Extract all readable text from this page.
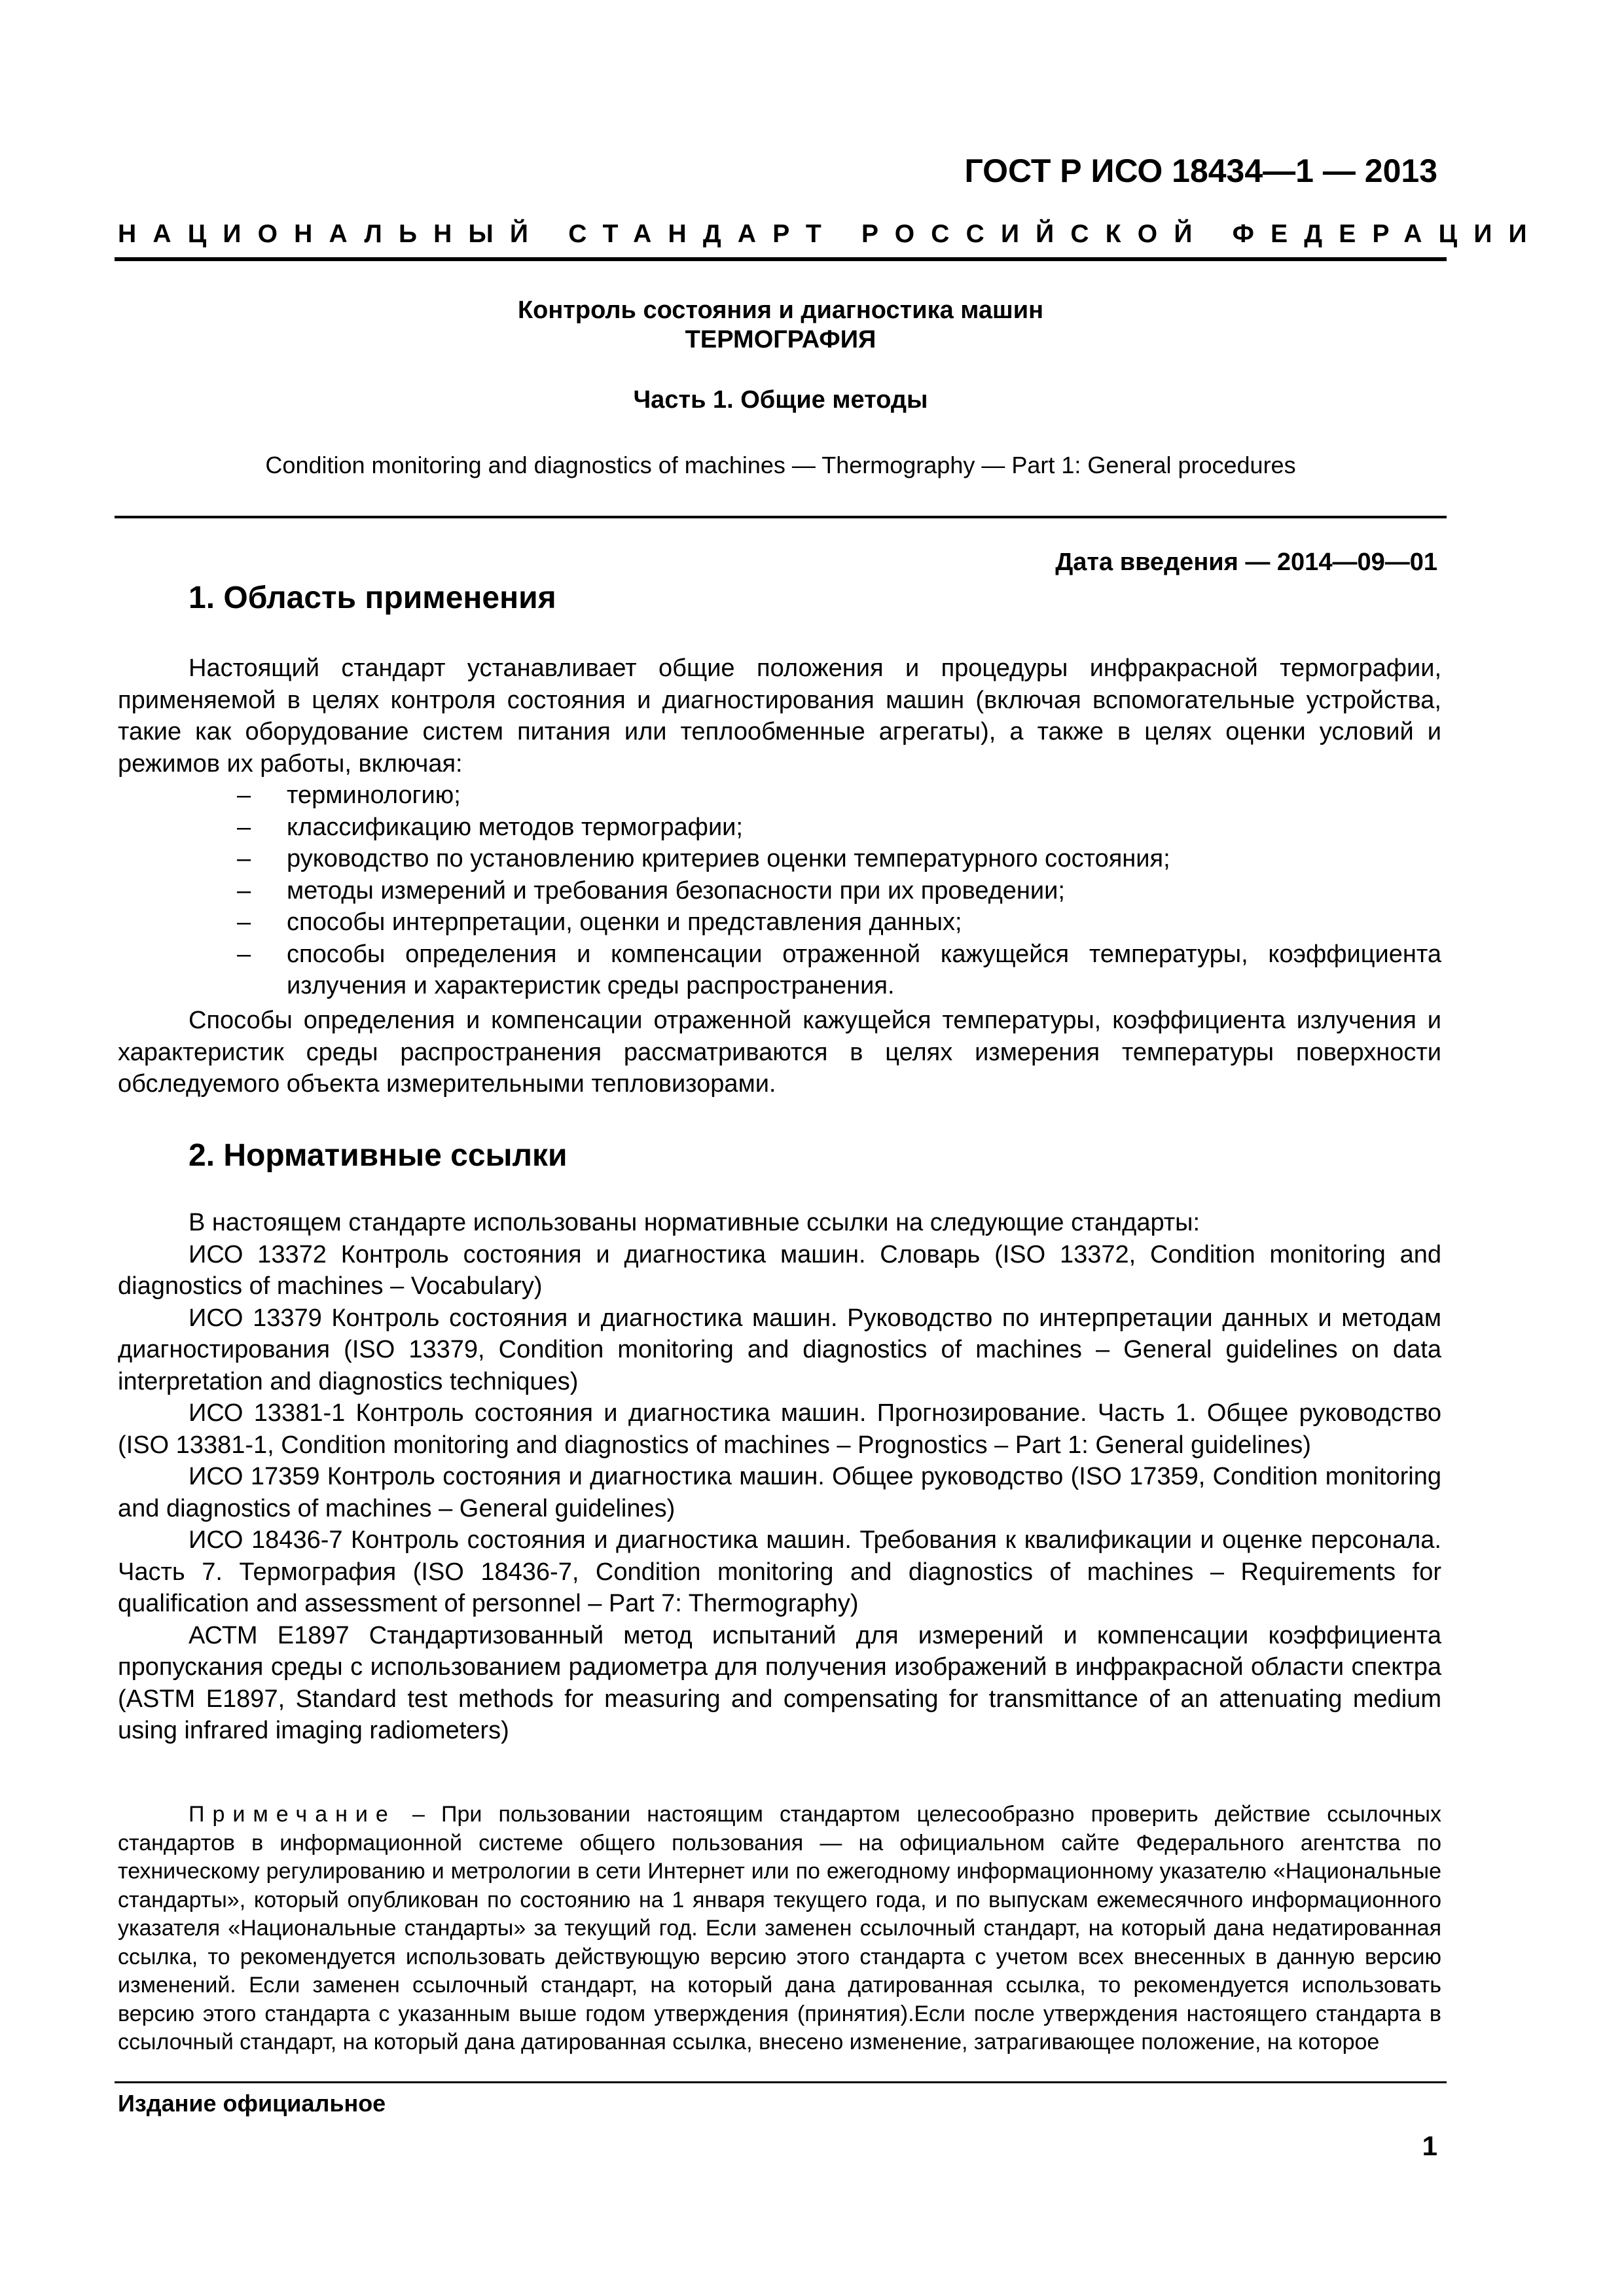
ГОСТ Р ИСО 18434—1 — 2013
НАЦИОНАЛЬНЫЙ СТАНДАРТ РОССИЙСКОЙ ФЕДЕРАЦИИ
Контроль состояния и диагностика машин
ТЕРМОГРАФИЯ
Часть 1. Общие методы
Condition monitoring and diagnostics of machines — Thermography — Part 1: General procedures
Дата введения — 2014—09—01
1. Область применения
Настоящий стандарт устанавливает общие положения и процедуры инфракрасной термографии, применяемой в целях контроля состояния и диагностирования машин (включая вспомогательные устройства, такие как оборудование систем питания или теплообменные агрегаты), а также в целях оценки условий и режимов их работы, включая:
– терминологию;
– классификацию методов термографии;
– руководство по установлению критериев оценки температурного состояния;
– методы измерений и требования безопасности при их проведении;
– способы интерпретации, оценки и представления данных;
– способы определения и компенсации отраженной кажущейся температуры, коэффициента излучения и характеристик среды распространения.
Способы определения и компенсации отраженной кажущейся температуры, коэффициента излучения и характеристик среды распространения рассматриваются в целях измерения температуры поверхности обследуемого объекта измерительными тепловизорами.
2. Нормативные ссылки
В настоящем стандарте использованы нормативные ссылки на следующие стандарты:
ИСО 13372 Контроль состояния и диагностика машин. Словарь (ISO 13372, Condition monitoring and diagnostics of machines – Vocabulary)
ИСО 13379 Контроль состояния и диагностика машин. Руководство по интерпретации данных и методам диагностирования (ISO 13379, Condition monitoring and diagnostics of machines – General guidelines on data interpretation and diagnostics techniques)
ИСО 13381-1 Контроль состояния и диагностика машин. Прогнозирование. Часть 1. Общее руководство (ISO 13381-1, Condition monitoring and diagnostics of machines – Prognostics – Part 1: General guidelines)
ИСО 17359 Контроль состояния и диагностика машин. Общее руководство (ISO 17359, Condition monitoring and diagnostics of machines – General guidelines)
ИСО 18436-7 Контроль состояния и диагностика машин. Требования к квалификации и оценке персонала. Часть 7. Термография (ISO 18436-7, Condition monitoring and diagnostics of machines – Requirements for qualification and assessment of personnel – Part 7: Thermography)
АСТМ Е1897 Стандартизованный метод испытаний для измерений и компенсации коэффициента пропускания среды с использованием радиометра для получения изображений в инфракрасной области спектра (ASTM E1897, Standard test methods for measuring and compensating for transmittance of an attenuating medium using infrared imaging radiometers)
Примечание – При пользовании настоящим стандартом целесообразно проверить действие ссылочных стандартов в информационной системе общего пользования — на официальном сайте Федерального агентства по техническому регулированию и метрологии в сети Интернет или по ежегодному информационному указателю «Национальные стандарты», который опубликован по состоянию на 1 января текущего года, и по выпускам ежемесячного информационного указателя «Национальные стандарты» за текущий год. Если заменен ссылочный стандарт, на который дана недатированная ссылка, то рекомендуется использовать действующую версию этого стандарта с учетом всех внесенных в данную версию изменений. Если заменен ссылочный стандарт, на который дана датированная ссылка, то рекомендуется использовать версию этого стандарта с указанным выше годом утверждения (принятия).Если после утверждения настоящего стандарта в ссылочный стандарт, на который дана датированная ссылка, внесено изменение, затрагивающее положение, на которое
Издание официальное
1
